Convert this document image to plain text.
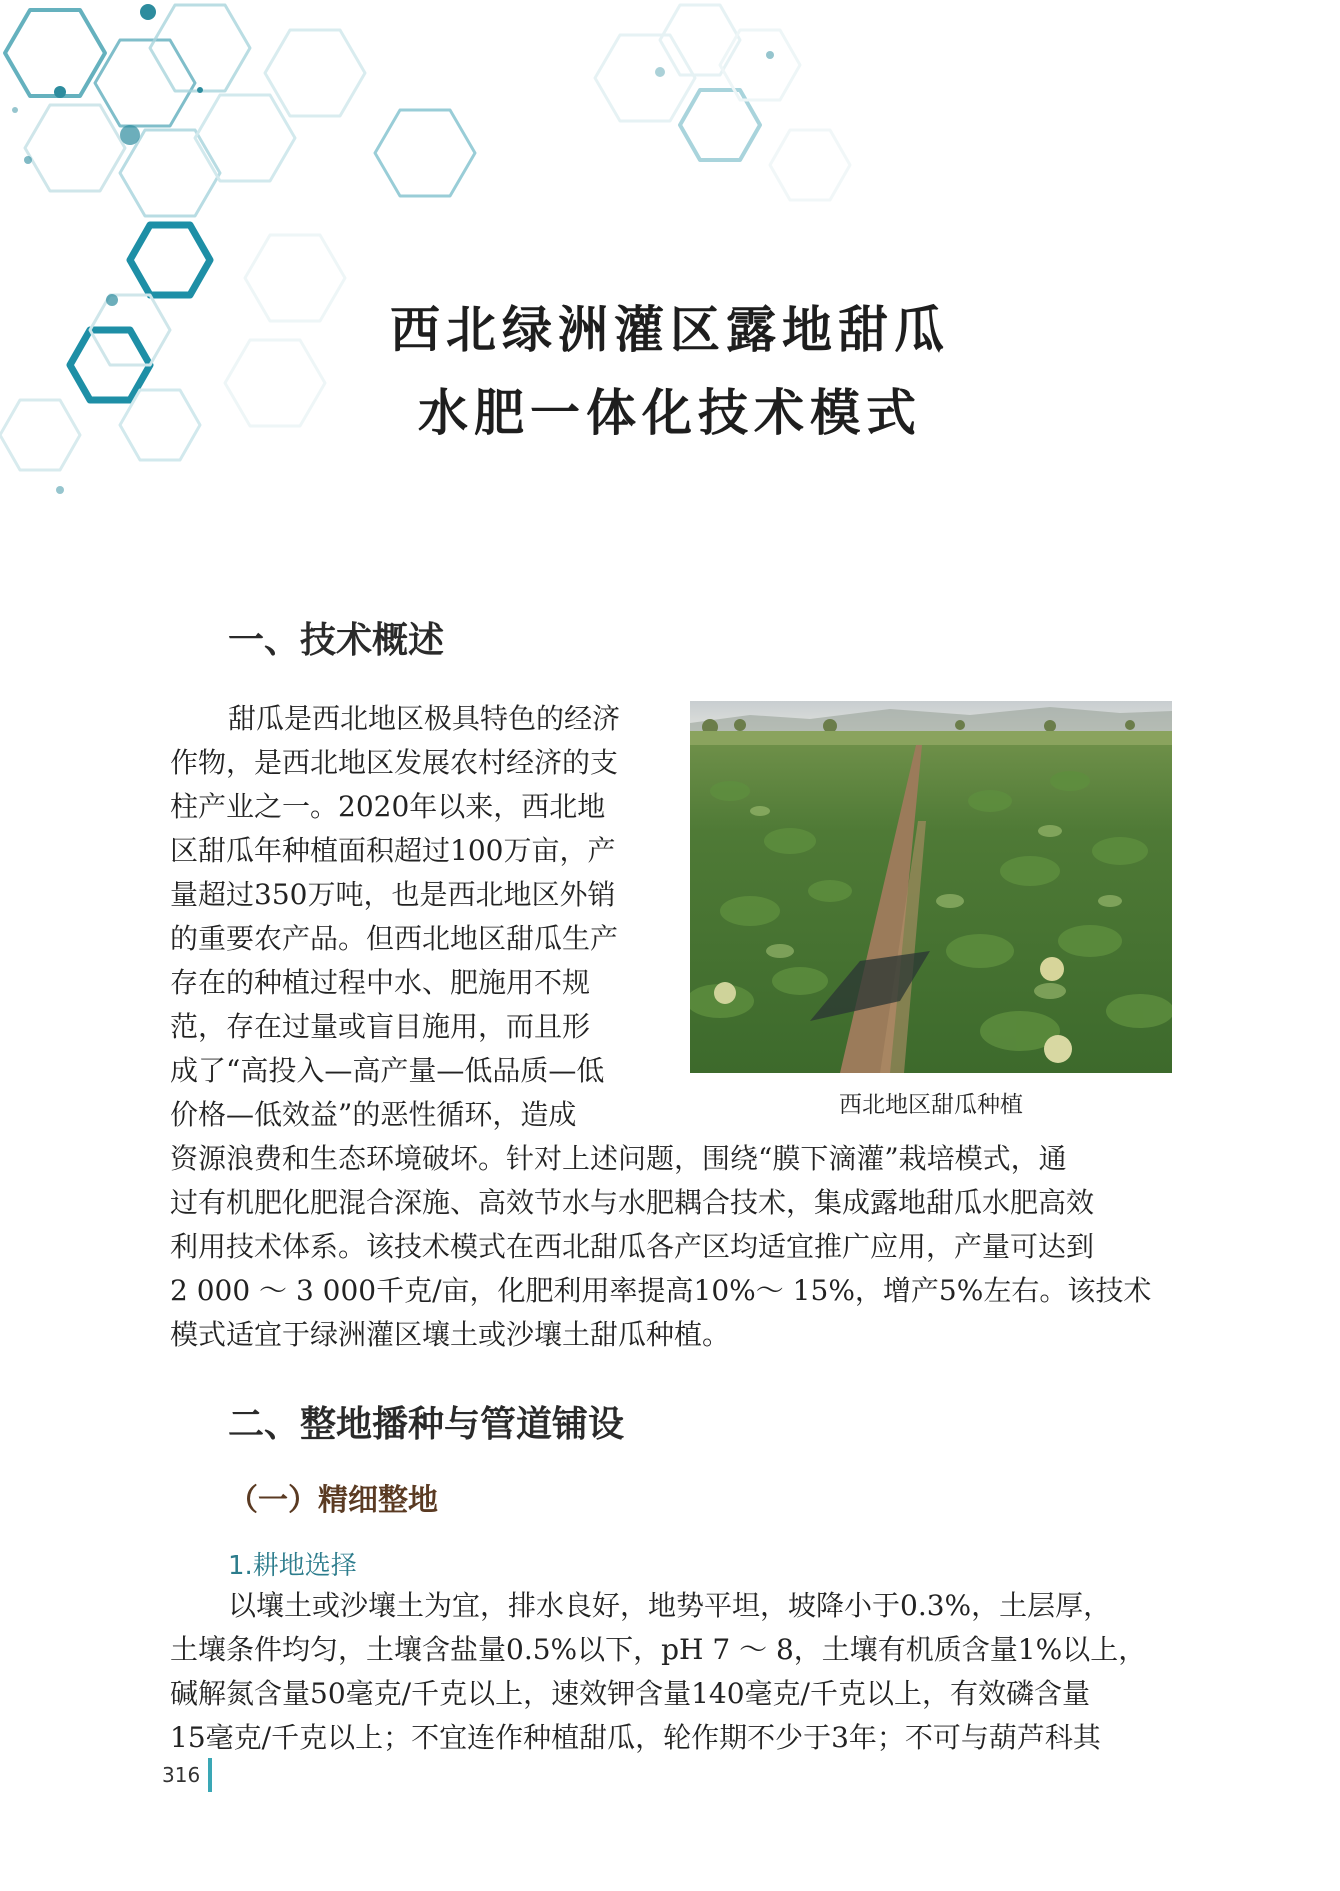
西北绿洲灌区露地甜瓜
水肥一体化技术模式
一、技术概述
甜瓜是西北地区极具特色的经济
作物，是西北地区发展农村经济的支
柱产业之一。2020年以来，西北地
区甜瓜年种植面积超过100万亩，产
量超过350万吨，也是西北地区外销
的重要农产品。但西北地区甜瓜生产
存在的种植过程中水、肥施用不规
范，存在过量或盲目施用，而且形
成了“高投入—高产量—低品质—低
价格—低效益”的恶性循环，造成
资源浪费和生态环境破坏。针对上述问题，围绕“膜下滴灌”栽培模式，通
过有机肥化肥混合深施、高效节水与水肥耦合技术，集成露地甜瓜水肥高效
利用技术体系。该技术模式在西北甜瓜各产区均适宜推广应用，产量可达到
2 000 ～ 3 000千克/亩，化肥利用率提高10%～ 15%，增产5%左右。该技术
模式适宜于绿洲灌区壤土或沙壤土甜瓜种植。
西北地区甜瓜种植
二、整地播种与管道铺设
（一）精细整地
1.耕地选择
以壤土或沙壤土为宜，排水良好，地势平坦，坡降小于0.3%，土层厚，
土壤条件均匀，土壤含盐量0.5%以下，pH 7 ～ 8，土壤有机质含量1%以上，
碱解氮含量50毫克/千克以上，速效钾含量140毫克/千克以上，有效磷含量
15毫克/千克以上；不宜连作种植甜瓜，轮作期不少于3年；不可与葫芦科其
316
